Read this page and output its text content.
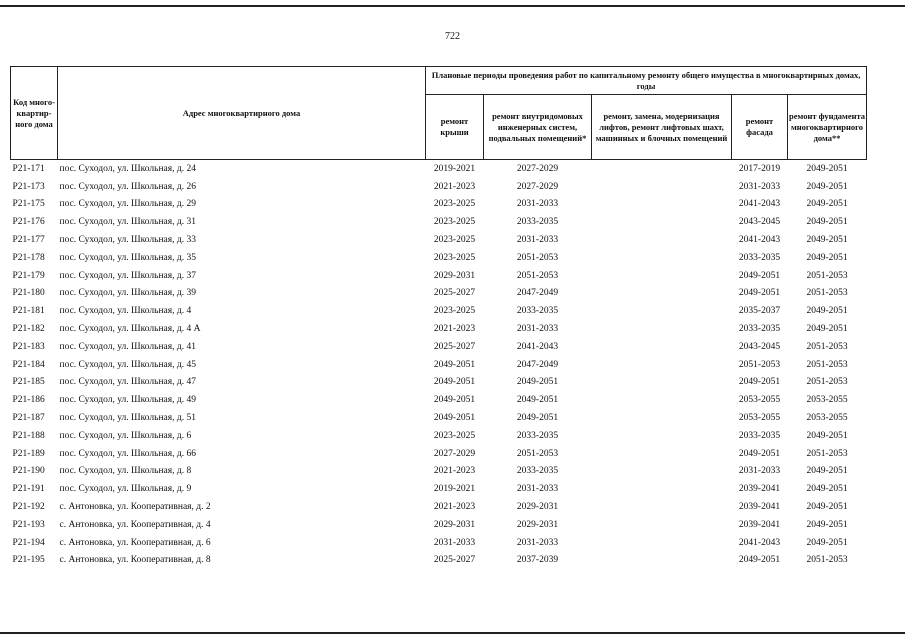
722
Код много-квартир-ного дома	Адрес многоквартирного дома	Плановые периоды проведения работ по капитальному ремонту общего имущества в многоквартирных домах, годы				
		ремонт крыши	ремонт внутридомовых инженерных систем, подвальных помещений*	ремонт, замена, модернизация лифтов, ремонт лифтовых шахт, машинных и блочных помещений	ремонт фасада	ремонт фундамента многоквартирного дома**
Р21-171	пос. Суходол, ул. Школьная, д. 24	2019-2021	2027-2029		2017-2019	2049-2051
Р21-173	пос. Суходол, ул. Школьная, д. 26	2021-2023	2027-2029		2031-2033	2049-2051
Р21-175	пос. Суходол, ул. Школьная, д. 29	2023-2025	2031-2033		2041-2043	2049-2051
Р21-176	пос. Суходол, ул. Школьная, д. 31	2023-2025	2033-2035		2043-2045	2049-2051
Р21-177	пос. Суходол, ул. Школьная, д. 33	2023-2025	2031-2033		2041-2043	2049-2051
Р21-178	пос. Суходол, ул. Школьная, д. 35	2023-2025	2051-2053		2033-2035	2049-2051
Р21-179	пос. Суходол, ул. Школьная, д. 37	2029-2031	2051-2053		2049-2051	2051-2053
Р21-180	пос. Суходол, ул. Школьная, д. 39	2025-2027	2047-2049		2049-2051	2051-2053
Р21-181	пос. Суходол, ул. Школьная, д. 4	2023-2025	2033-2035		2035-2037	2049-2051
Р21-182	пос. Суходол, ул. Школьная, д. 4 А	2021-2023	2031-2033		2033-2035	2049-2051
Р21-183	пос. Суходол, ул. Школьная, д. 41	2025-2027	2041-2043		2043-2045	2051-2053
Р21-184	пос. Суходол, ул. Школьная, д. 45	2049-2051	2047-2049		2051-2053	2051-2053
Р21-185	пос. Суходол, ул. Школьная, д. 47	2049-2051	2049-2051		2049-2051	2051-2053
Р21-186	пос. Суходол, ул. Школьная, д. 49	2049-2051	2049-2051		2053-2055	2053-2055
Р21-187	пос. Суходол, ул. Школьная, д. 51	2049-2051	2049-2051		2053-2055	2053-2055
Р21-188	пос. Суходол, ул. Школьная, д. 6	2023-2025	2033-2035		2033-2035	2049-2051
Р21-189	пос. Суходол, ул. Школьная, д. 66	2027-2029	2051-2053		2049-2051	2051-2053
Р21-190	пос. Суходол, ул. Школьная, д. 8	2021-2023	2033-2035		2031-2033	2049-2051
Р21-191	пос. Суходол, ул. Школьная, д. 9	2019-2021	2031-2033		2039-2041	2049-2051
Р21-192	с. Антоновка, ул. Кооперативная, д. 2	2021-2023	2029-2031		2039-2041	2049-2051
Р21-193	с. Антоновка, ул. Кооперативная, д. 4	2029-2031	2029-2031		2039-2041	2049-2051
Р21-194	с. Антоновка, ул. Кооперативная, д. 6	2031-2033	2031-2033		2041-2043	2049-2051
Р21-195	с. Антоновка, ул. Кооперативная, д. 8	2025-2027	2037-2039		2049-2051	2051-2053
